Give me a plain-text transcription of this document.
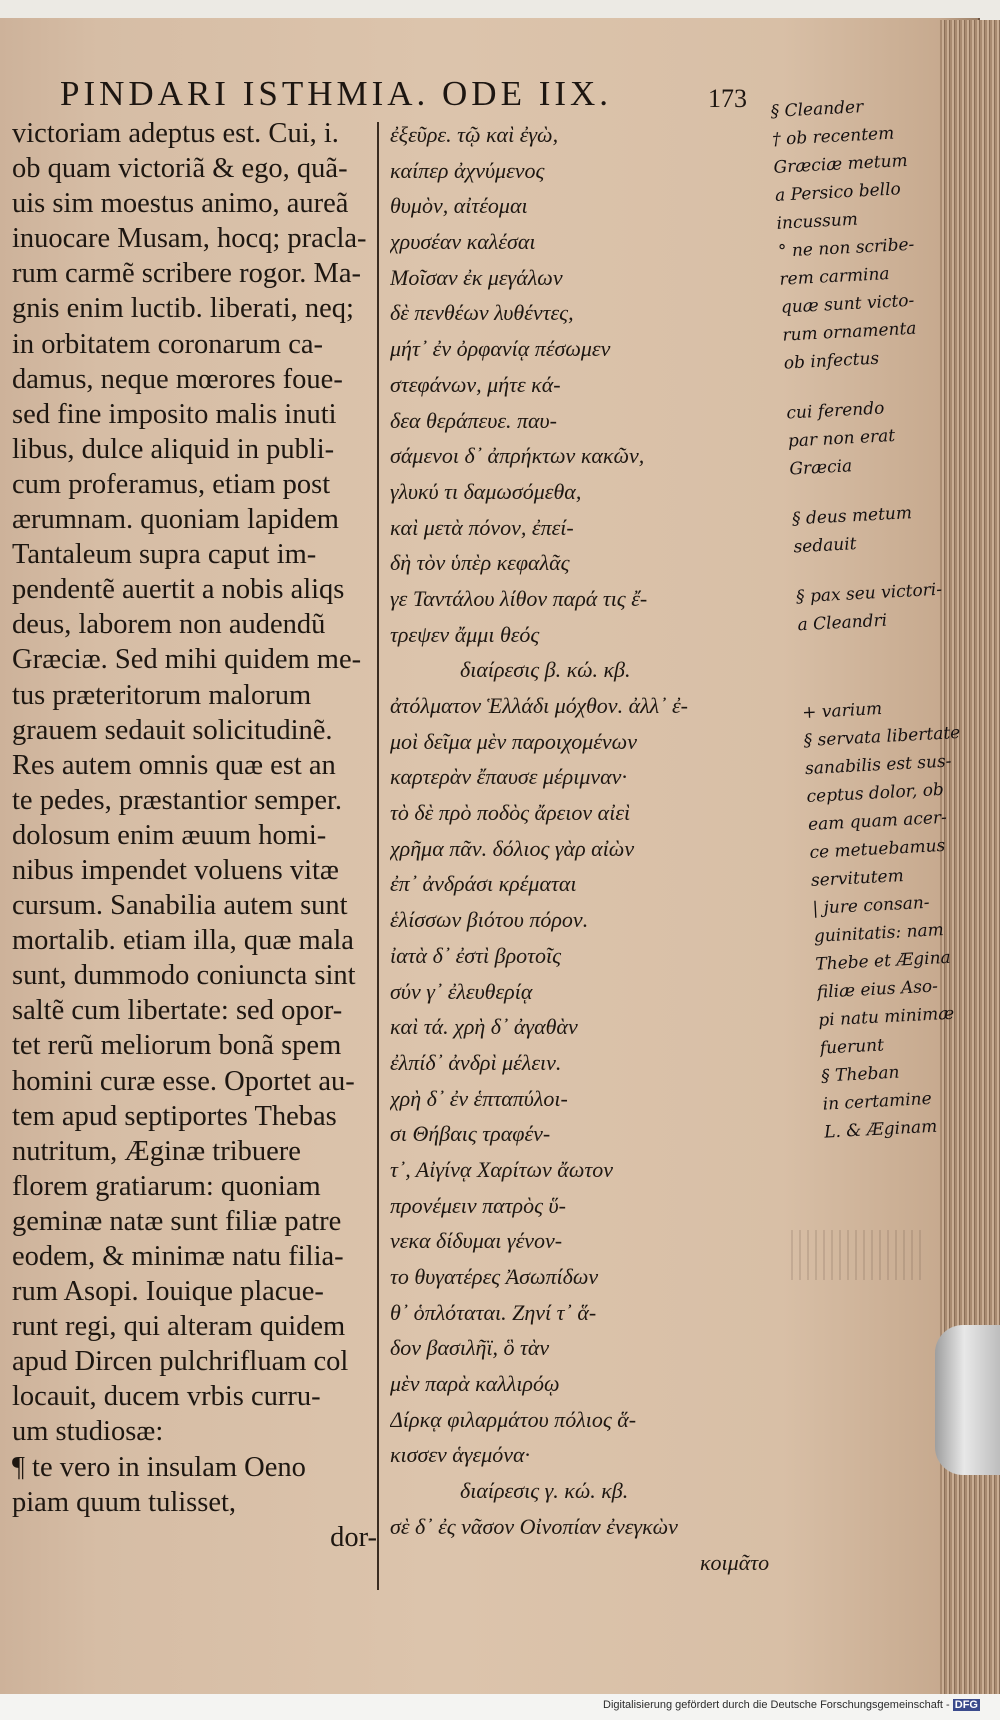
PINDARI ISTHMIA. ODE IIX.	173
victoriam adeptus est. Cui, i.
ob quam victoriã & ego, quã-
uis sim moestus animo, aureã
inuocare Musam, hocq; pracla-
rum carmẽ scribere rogor. Ma-
gnis enim luctib. liberati, neq;
in orbitatem coronarum ca-
damus, neque mœrores foue-
sed fine imposito malis inuti
libus, dulce aliquid in publi-
cum proferamus, etiam post
ærumnam. quoniam lapidem
Tantaleum supra caput im-
pendentẽ auertit a nobis aliqs
deus, laborem non audendũ
Græciæ. Sed mihi quidem me-
tus præteritorum malorum
grauem sedauit solicitudinẽ.
Res autem omnis quæ est an
te pedes, præstantior semper.
dolosum enim æuum homi-
nibus impendet voluens vitæ
cursum. Sanabilia autem sunt
mortalib. etiam illa, quæ mala
sunt, dummodo coniuncta sint
saltẽ cum libertate: sed opor-
tet rerũ meliorum bonã spem
homini curæ esse. Oportet au-
tem apud septiportes Thebas
nutritum, Æginæ tribuere
florem gratiarum: quoniam
geminæ natæ sunt filiæ patre
eodem, & minimæ natu filia-
rum Asopi. Iouique placue-
runt regi, qui alteram quidem
apud Dircen pulchrifluam col
locauit, ducem vrbis curru-
um studiosæ:
¶ te vero in insulam Oeno
piam quum tulisset,
dor-
ἐξεῦρε. τῷ καὶ ἐγὼ,
καίπερ ἀχνύμενος
θυμὸν, αἰτέομαι
χρυσέαν καλέσαι
Μοῖσαν ἐκ μεγάλων
δὲ πενθέων λυθέντες,
μήτ᾽ ἐν ὀρφανίᾳ πέσωμεν
στεφάνων, μήτε κά-
δεα θεράπευε. παυ-
σάμενοι δ᾽ ἀπρήκτων κακῶν,
γλυκύ τι δαμωσόμεθα,
καὶ μετὰ πόνον, ἐπεί-
δὴ τὸν ὑπὲρ κεφαλᾶς
γε Ταντάλου λίθον παρά τις ἔ-
τρεψεν ἄμμι θεός
διαίρεσις β. κώ. κβ.
ἀτόλματον Ἑλλάδι μόχθον. ἀλλ᾽ ἐ-
μοὶ δεῖμα μὲν παροιχομένων
καρτερὰν ἔπαυσε μέριμναν·
τὸ δὲ πρὸ ποδὸς ἄρειον αἰεὶ
χρῆμα πᾶν. δόλιος γὰρ αἰὼν
ἐπ᾽ ἀνδράσι κρέμαται
ἑλίσσων βιότου πόρον.
ἰατὰ δ᾽ ἐστὶ βροτοῖς
σύν γ᾽ ἐλευθερίᾳ
καὶ τά. χρὴ δ᾽ ἀγαθὰν
ἐλπίδ᾽ ἀνδρὶ μέλειν.
χρὴ δ᾽ ἐν ἑπταπύλοι-
σι Θήβαις τραφέν-
τ᾽, Αἰγίνᾳ Χαρίτων ἄωτον
προνέμειν πατρὸς ὕ-
νεκα δίδυμαι γένον-
το θυγατέρες Ἀσωπίδων
θ᾽ ὁπλόταται. Ζηνί τ᾽ ἅ-
δον βασιλῆϊ, ὃ τὰν
μὲν παρὰ καλλιρόῳ
Δίρκᾳ φιλαρμάτου πόλιος ἅ-
κισσεν ἁγεμόνα·
διαίρεσις γ. κώ. κβ.
σὲ δ᾽ ἐς νᾶσον Οἰνοπίαν ἐνεγκὼν
κοιμᾶτο
§ Cleander
† ob recentem
Græciæ metum
a Persico bello
incussum
° ne non scribe-
rem carmina
quæ sunt victo-
rum ornamenta
ob infectus
cui ferendo
par non erat
Græcia
§ deus metum
sedauit
§ pax seu victori-
a Cleandri
+ varium
§ servata libertate
sanabilis est sus-
ceptus dolor, ob
eam quam acer-
ce metuebamus
servitutem
| jure consan-
guinitatis: nam
Thebe et Ægina
filiæ eius Aso-
pi natu minimæ
fuerunt
§ Theban
in certamine
L. & Æginam
Digitalisierung gefördert durch die Deutsche Forschungsgemeinschaft - DFG
